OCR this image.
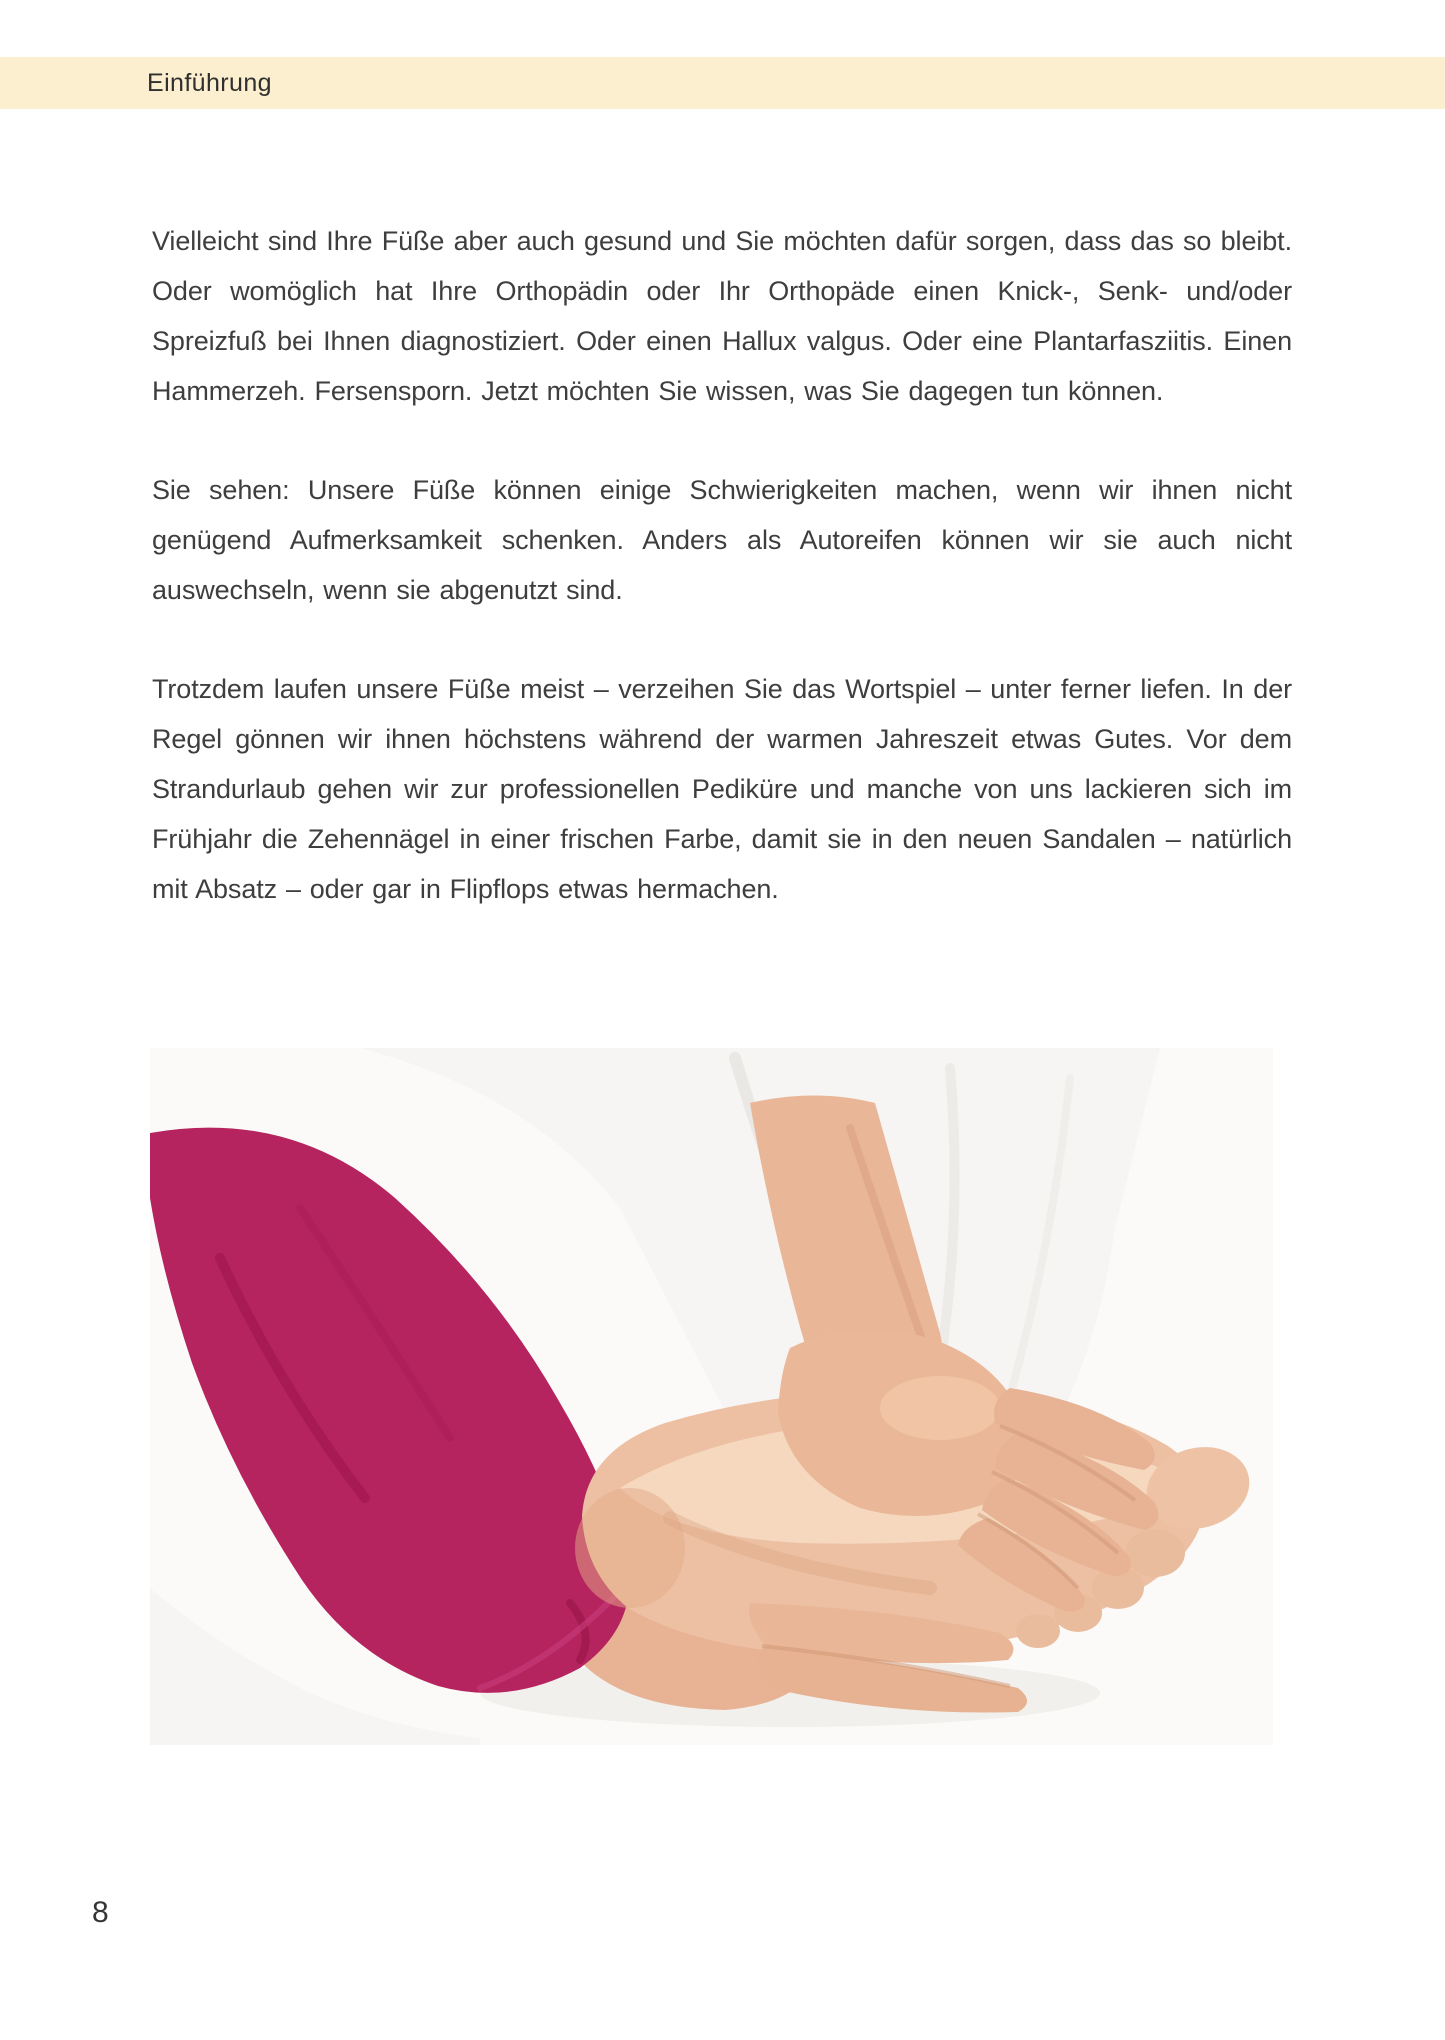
Einführung

Vielleicht sind Ihre Füße aber auch gesund und Sie möchten dafür sorgen, dass das so bleibt. Oder womöglich hat Ihre Orthopädin oder Ihr Orthopäde einen Knick-, Senk- und/oder Spreizfuß bei Ihnen diagnostiziert. Oder einen Hallux valgus. Oder eine Plantarfasziitis. Einen Hammerzeh. Fersensporn. Jetzt möchten Sie wissen, was Sie dagegen tun können.

Sie sehen: Unsere Füße können einige Schwierigkeiten machen, wenn wir ihnen nicht genügend Aufmerksamkeit schenken. Anders als Autoreifen können wir sie auch nicht auswechseln, wenn sie abgenutzt sind.

Trotzdem laufen unsere Füße meist – verzeihen Sie das Wortspiel – unter ferner liefen. In der Regel gönnen wir ihnen höchstens während der warmen Jahreszeit etwas Gutes. Vor dem Strandurlaub gehen wir zur professionellen Pediküre und manche von uns lackieren sich im Frühjahr die Zehennägel in einer frischen Farbe, damit sie in den neuen Sandalen – natürlich mit Absatz – oder gar in Flipflops etwas hermachen.

8
